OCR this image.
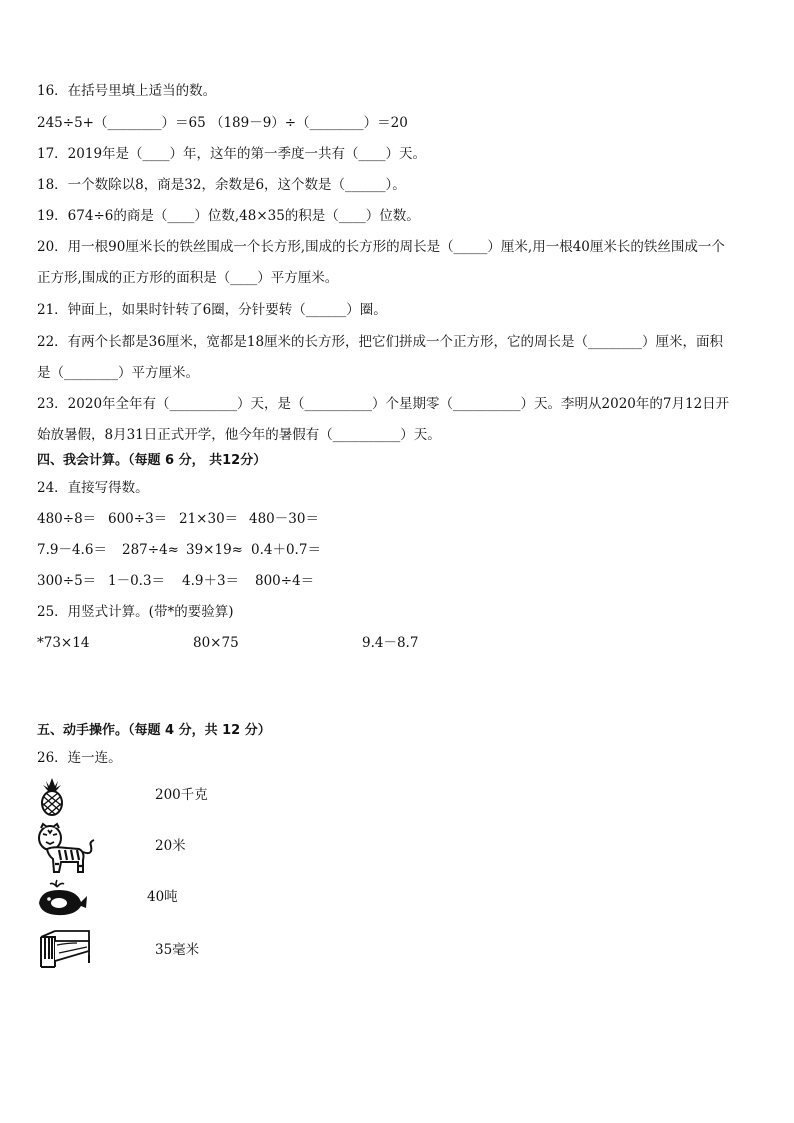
16．在括号里填上适当的数。
245÷5+（________）＝65 （189－9）÷（________）＝20
17．2019年是（____）年，这年的第一季度一共有（____）天。
18．一个数除以8，商是32，余数是6，这个数是（______）。
19．674÷6的商是（____）位数,48×35的积是（____）位数。
20．用一根90厘米长的铁丝围成一个长方形,围成的长方形的周长是（_____）厘米,用一根40厘米长的铁丝围成一个
正方形,围成的正方形的面积是（____）平方厘米。
21．钟面上，如果时针转了6圈，分针要转（______）圈。
22．有两个长都是36厘米，宽都是18厘米的长方形，把它们拼成一个正方形，它的周长是（________）厘米，面积
是（________）平方厘米。
23．2020年全年有（__________）天，是（__________）个星期零（__________）天。李明从2020年的7月12日开
始放暑假，8月31日正式开学，他今年的暑假有（__________）天。
四、我会计算。（每题 6 分， 共12分）
24．直接写得数。
480÷8＝ 600÷3＝ 21×30＝ 480－30＝
7.9－4.6＝ 287÷4≈ 39×19≈ 0.4＋0.7＝
300÷5＝ 1－0.3＝ 4.9＋3＝ 800÷4＝
25．用竖式计算。(带*的要验算)
*73×14	80×75	9.4－8.7
五、动手操作。（每题 4 分，共 12 分）
26．连一连。
200千克
20米
40吨
35毫米
